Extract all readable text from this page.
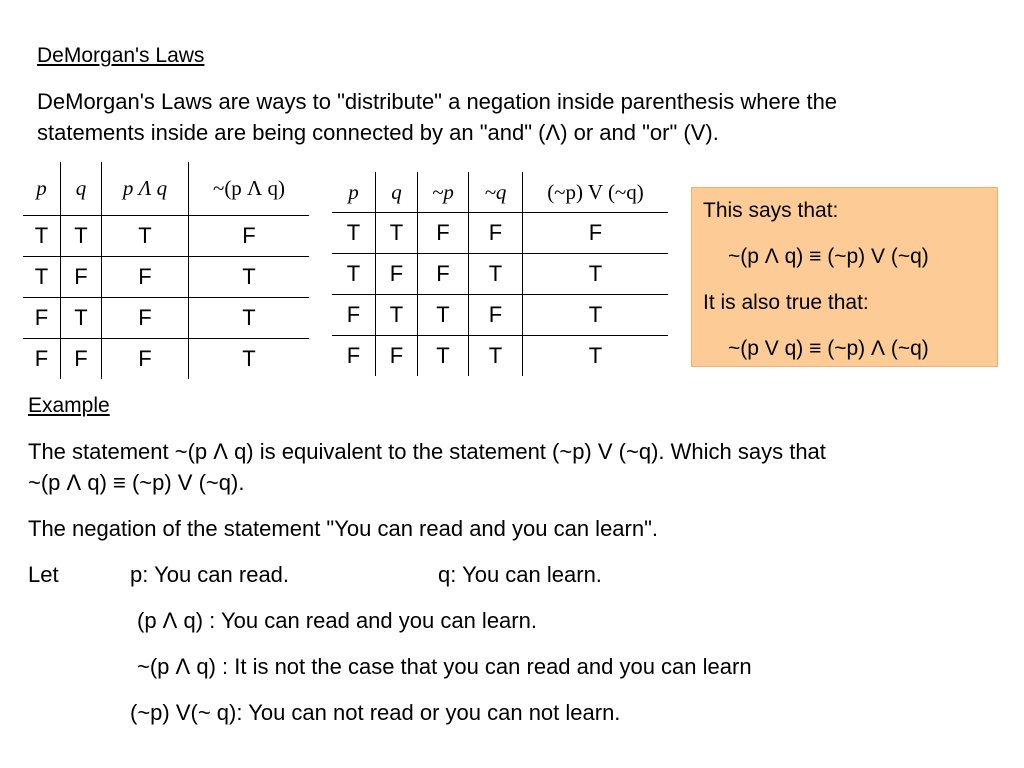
DeMorgan's Laws
DeMorgan's Laws are ways to "distribute" a negation inside parenthesis where the
statements inside are being connected by an "and" (Ʌ) or and "or" (V).
p	q	p Ʌ q	~(p Ʌ q)
T	T	T	F
T	F	F	T
F	T	F	T
F	F	F	T
p	q	~p	~q	(~p) V (~q)
T	T	F	F	F
T	F	F	T	T
F	T	T	F	T
F	F	T	T	T
This says that:
~(p Ʌ q) ≡ (~p) V (~q)
It is also true that:
~(p V q) ≡ (~p) Ʌ (~q)
Example
The statement ~(p Ʌ q) is equivalent to the statement (~p) V (~q). Which says that
~(p Ʌ q) ≡ (~p) V (~q).
The negation of the statement "You can read and you can learn".
Let	p: You can read.	q: You can learn.
(p Ʌ q) : You can read and you can learn.
~(p Ʌ q) : It is not the case that you can read and you can learn
(~p) V(~ q): You can not read or you can not learn.
